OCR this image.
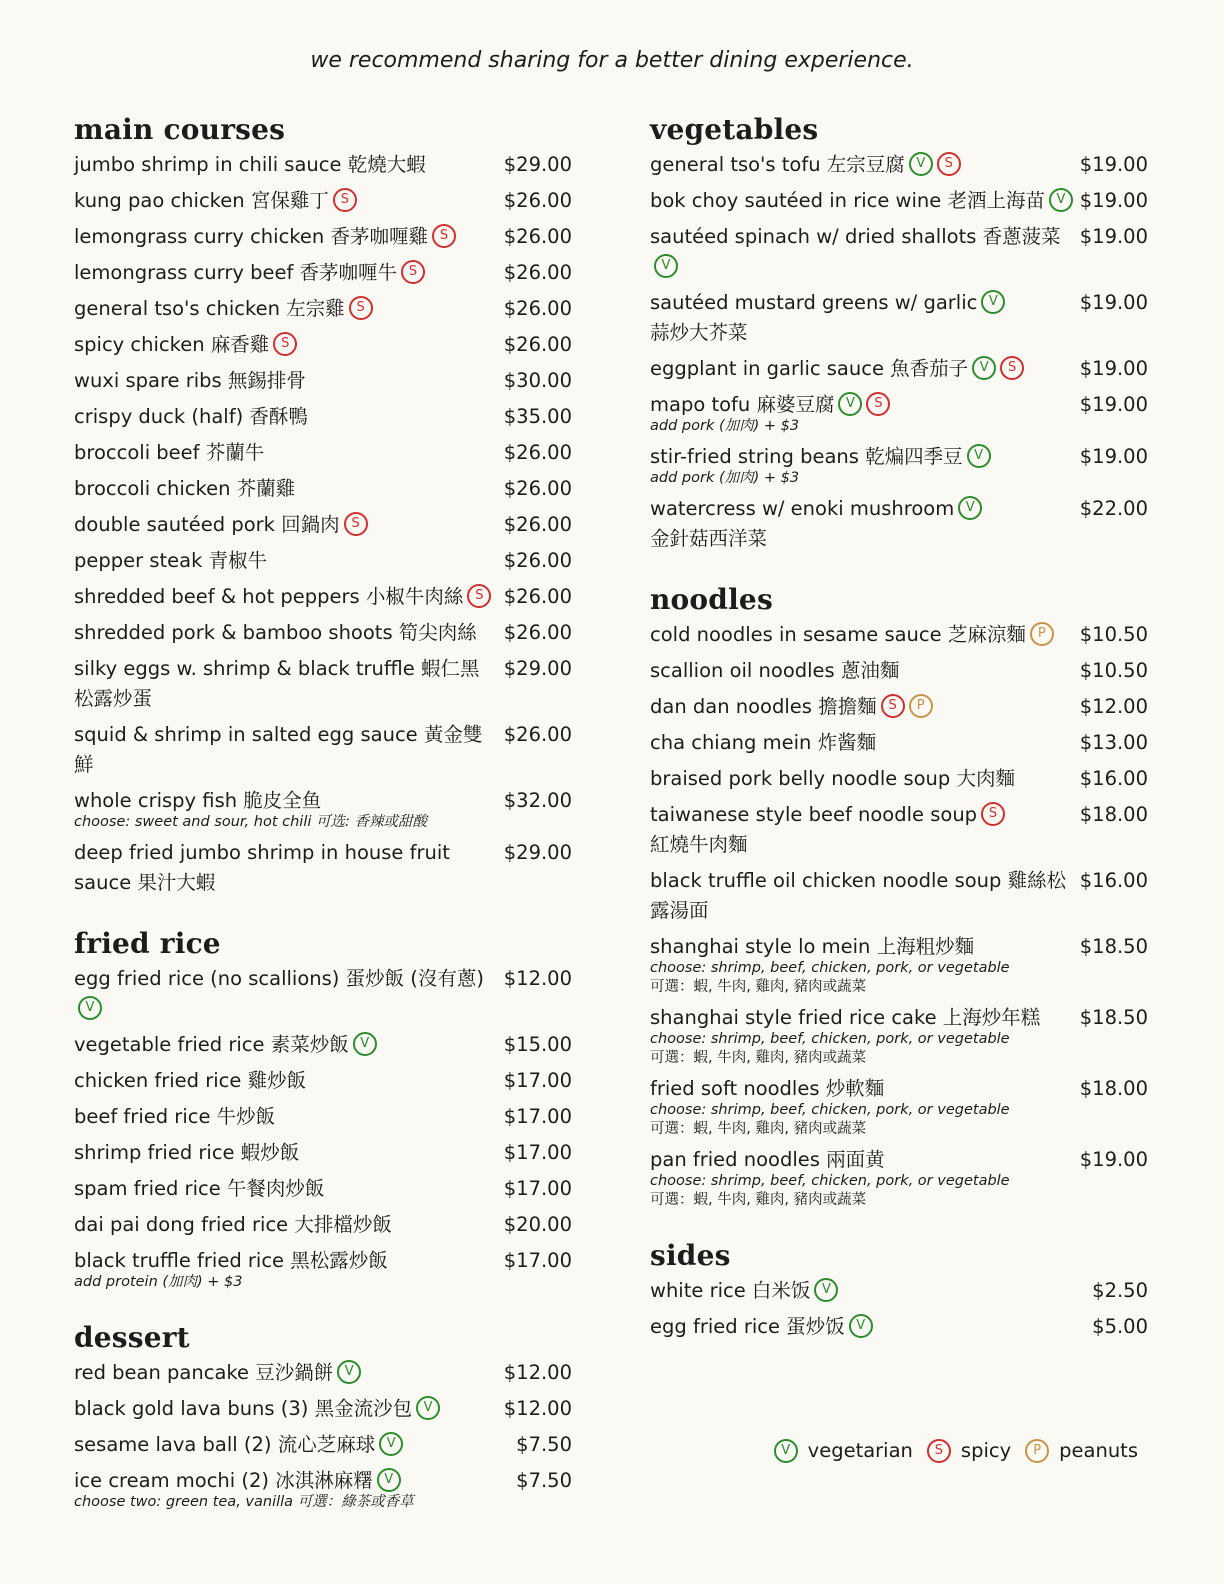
we recommend sharing for a better dining experience.
main courses
jumbo shrimp in chili sauce 乾燒大蝦	$29.00
kung pao chicken 宮保雞丁 S	$26.00
lemongrass curry chicken 香茅咖喱雞 S	$26.00
lemongrass curry beef 香茅咖喱牛 S	$26.00
general tso's chicken 左宗雞 S	$26.00
spicy chicken 麻香雞 S	$26.00
wuxi spare ribs 無錫排骨	$30.00
crispy duck (half) 香酥鴨	$35.00
broccoli beef 芥蘭牛	$26.00
broccoli chicken 芥蘭雞	$26.00
double sautéed pork 回鍋肉 S	$26.00
pepper steak 青椒牛	$26.00
shredded beef & hot peppers 小椒牛肉絲 S	$26.00
shredded pork & bamboo shoots 筍尖肉絲	$26.00
silky eggs w. shrimp & black truffle 蝦仁黑松露炒蛋
$29.00
squid & shrimp in salted egg sauce 黃金雙鮮
$26.00
whole crispy fish 脆皮全鱼
choose: sweet and sour, hot chili 可选: 香辣或甜酸
$32.00
deep fried jumbo shrimp in house fruit sauce 果汁大蝦
$29.00
fried rice
egg fried rice (no scallions) 蛋炒飯 (沒有蔥)V
$12.00
vegetable fried rice 素菜炒飯 V	$15.00
chicken fried rice 雞炒飯	$17.00
beef fried rice 牛炒飯	$17.00
shrimp fried rice 蝦炒飯	$17.00
spam fried rice 午餐肉炒飯	$17.00
dai pai dong fried rice 大排檔炒飯	$20.00
black truffle fried rice 黑松露炒飯
add protein (加肉) + $3
$17.00
dessert
red bean pancake 豆沙鍋餅 V	$12.00
black gold lava buns (3) 黑金流沙包 V	$12.00
sesame lava ball (2) 流心芝麻球 V	$7.50
ice cream mochi (2) 冰淇淋麻糬 V
choose two: green tea, vanilla 可選：綠茶或香草
$7.50
vegetables
general tso's tofu 左宗豆腐 V S	$19.00
bok choy sautéed in rice wine 老酒上海苗 V $19.00
sautéed spinach w/ dried shallots 香蔥菠菜V
$19.00
sautéed mustard greens w/ garlic V
蒜炒大芥菜
$19.00
eggplant in garlic sauce 魚香茄子 V S	$19.00
mapo tofu 麻婆豆腐 V S
add pork (加肉) + $3
$19.00
stir-fried string beans 乾煸四季豆 V
add pork (加肉) + $3
$19.00
watercress w/ enoki mushroom V
金針菇西洋菜
$22.00
noodles
cold noodles in sesame sauce 芝麻涼麵 P	$10.50
scallion oil noodles 蔥油麵	$10.50
dan dan noodles 擔擔麵 S P	$12.00
cha chiang mein 炸酱麵	$13.00
braised pork belly noodle soup 大肉麵	$16.00
taiwanese style beef noodle soup S
紅燒牛肉麵
$18.00
black truffle oil chicken noodle soup 雞絲松露湯面
$16.00
shanghai style lo mein 上海粗炒麵
choose: shrimp, beef, chicken, pork, or vegetable
可選：蝦, 牛肉, 雞肉, 豬肉或蔬菜
$18.50
shanghai style fried rice cake 上海炒年糕
choose: shrimp, beef, chicken, pork, or vegetable
可選：蝦, 牛肉, 雞肉, 豬肉或蔬菜
$18.50
fried soft noodles 炒軟麵
choose: shrimp, beef, chicken, pork, or vegetable
可選：蝦, 牛肉, 雞肉, 豬肉或蔬菜
$18.00
pan fried noodles 兩面黄
choose: shrimp, beef, chicken, pork, or vegetable
可選：蝦, 牛肉, 雞肉, 豬肉或蔬菜
$19.00
sides
white rice 白米饭 V	$2.50
egg fried rice 蛋炒饭 V	$5.00
V vegetarian	S spicy	P peanuts
